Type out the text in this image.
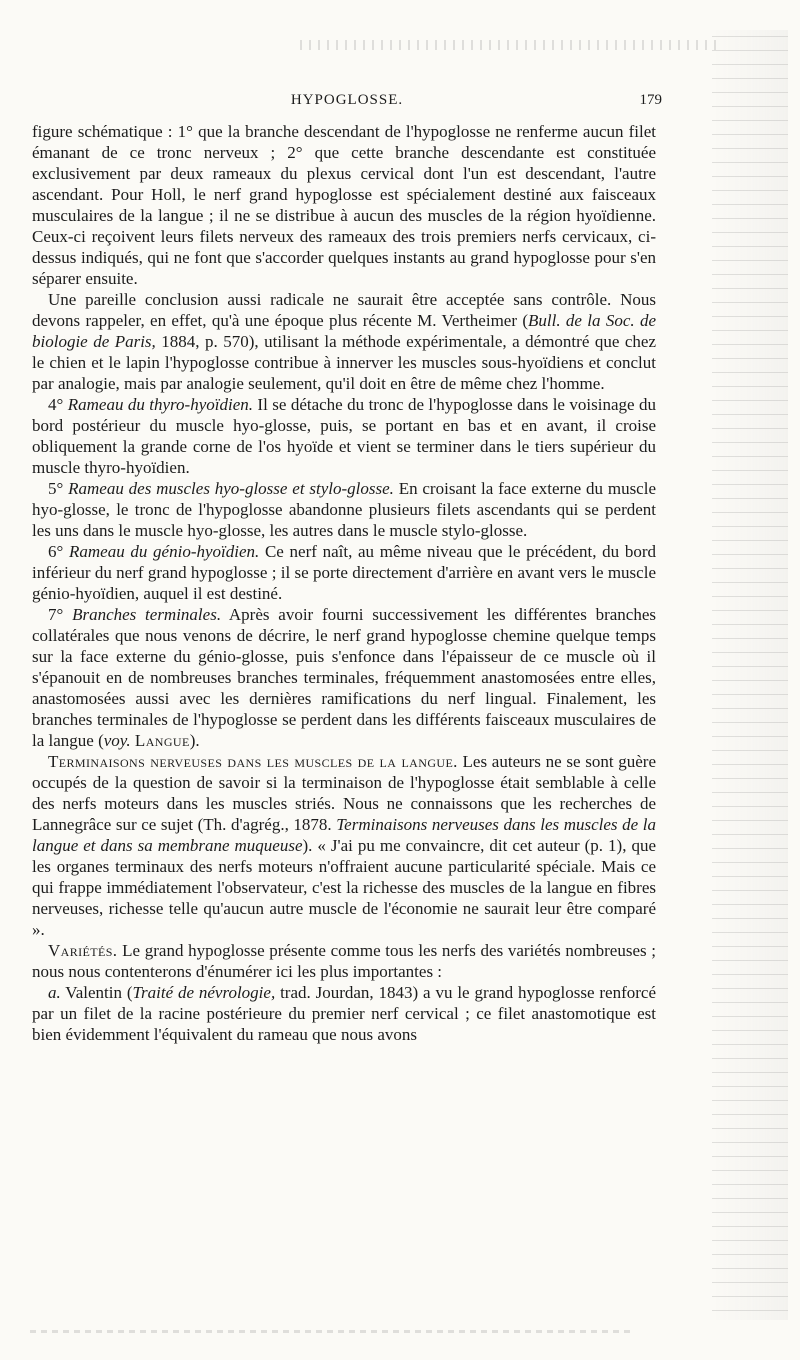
HYPOGLOSSE.	179

figure schématique : 1° que la branche descendant de l'hypoglosse ne renferme aucun filet émanant de ce tronc nerveux ; 2° que cette branche descendante est constituée exclusivement par deux rameaux du plexus cervical dont l'un est descendant, l'autre ascendant. Pour Holl, le nerf grand hypoglosse est spécialement destiné aux faisceaux musculaires de la langue ; il ne se distribue à aucun des muscles de la région hyoïdienne. Ceux-ci reçoivent leurs filets nerveux des rameaux des trois premiers nerfs cervicaux, ci-dessus indiqués, qui ne font que s'accorder quelques instants au grand hypoglosse pour s'en séparer ensuite.

Une pareille conclusion aussi radicale ne saurait être acceptée sans contrôle. Nous devons rappeler, en effet, qu'à une époque plus récente M. Vertheimer (Bull. de la Soc. de biologie de Paris, 1884, p. 570), utilisant la méthode expérimentale, a démontré que chez le chien et le lapin l'hypoglosse contribue à innerver les muscles sous-hyoïdiens et conclut par analogie, mais par analogie seulement, qu'il doit en être de même chez l'homme.

4° Rameau du thyro-hyoïdien. Il se détache du tronc de l'hypoglosse dans le voisinage du bord postérieur du muscle hyo-glosse, puis, se portant en bas et en avant, il croise obliquement la grande corne de l'os hyoïde et vient se terminer dans le tiers supérieur du muscle thyro-hyoïdien.

5° Rameau des muscles hyo-glosse et stylo-glosse. En croisant la face externe du muscle hyo-glosse, le tronc de l'hypoglosse abandonne plusieurs filets ascendants qui se perdent les uns dans le muscle hyo-glosse, les autres dans le muscle stylo-glosse.

6° Rameau du génio-hyoïdien. Ce nerf naît, au même niveau que le précédent, du bord inférieur du nerf grand hypoglosse ; il se porte directement d'arrière en avant vers le muscle génio-hyoïdien, auquel il est destiné.

7° Branches terminales. Après avoir fourni successivement les différentes branches collatérales que nous venons de décrire, le nerf grand hypoglosse chemine quelque temps sur la face externe du génio-glosse, puis s'enfonce dans l'épaisseur de ce muscle où il s'épanouit en de nombreuses branches terminales, fréquemment anastomosées entre elles, anastomosées aussi avec les dernières ramifications du nerf lingual. Finalement, les branches terminales de l'hypoglosse se perdent dans les différents faisceaux musculaires de la langue (voy. Langue).

Terminaisons nerveuses dans les muscles de la langue. Les auteurs ne se sont guère occupés de la question de savoir si la terminaison de l'hypoglosse était semblable à celle des nerfs moteurs dans les muscles striés. Nous ne connaissons que les recherches de Lannegrâce sur ce sujet (Th. d'agrég., 1878. Terminaisons nerveuses dans les muscles de la langue et dans sa membrane muqueuse). « J'ai pu me convaincre, dit cet auteur (p. 1), que les organes terminaux des nerfs moteurs n'offraient aucune particularité spéciale. Mais ce qui frappe immédiatement l'observateur, c'est la richesse des muscles de la langue en fibres nerveuses, richesse telle qu'aucun autre muscle de l'économie ne saurait leur être comparé ».

Variétés. Le grand hypoglosse présente comme tous les nerfs des variétés nombreuses ; nous nous contenterons d'énumérer ici les plus importantes :

a. Valentin (Traité de névrologie, trad. Jourdan, 1843) a vu le grand hypoglosse renforcé par un filet de la racine postérieure du premier nerf cervical ; ce filet anastomotique est bien évidemment l'équivalent du rameau que nous avons
